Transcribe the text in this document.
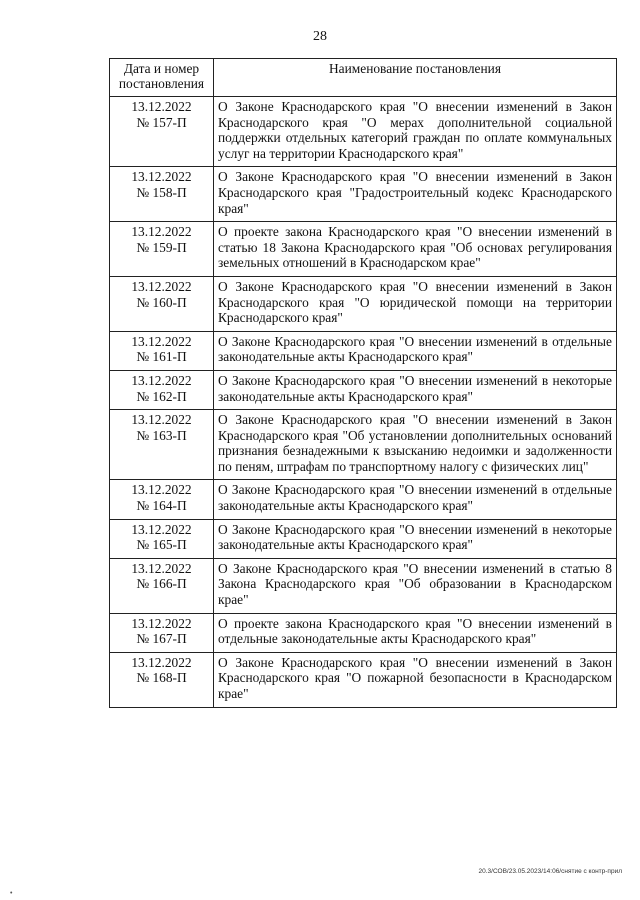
28
Дата и номер постановления	Наименование постановления

13.12.2022
№ 157-П	О Законе Краснодарского края "О внесении изменений в Закон Краснодарского края "О мерах дополнительной социальной поддержки отдельных категорий граждан по оплате коммунальных услуг на территории Краснодарского края"

13.12.2022
№ 158-П	О Законе Краснодарского края "О внесении изменений в Закон Краснодарского края "Градостроительный кодекс Краснодарского края"

13.12.2022
№ 159-П	О проекте закона Краснодарского края "О внесении изменений в статью 18 Закона Краснодарского края "Об основах регулирования земельных отношений в Краснодарском крае"

13.12.2022
№ 160-П	О Законе Краснодарского края "О внесении изменений в Закон Краснодарского края "О юридической помощи на территории Краснодарского края"

13.12.2022
№ 161-П	О Законе Краснодарского края "О внесении изменений в отдельные законодательные акты Краснодарского края"

13.12.2022
№ 162-П	О Законе Краснодарского края "О внесении изменений в некоторые законодательные акты Краснодарского края"

13.12.2022
№ 163-П	О Законе Краснодарского края "О внесении изменений в Закон Краснодарского края "Об установлении дополнительных оснований признания безнадежными к взысканию недоимки и задолженности по пеням, штрафам по транспортному налогу с физических лиц"

13.12.2022
№ 164-П	О Законе Краснодарского края "О внесении изменений в отдельные законодательные акты Краснодарского края"

13.12.2022
№ 165-П	О Законе Краснодарского края "О внесении изменений в некоторые законодательные акты Краснодарского края"

13.12.2022
№ 166-П	О Законе Краснодарского края "О внесении изменений в статью 8 Закона Краснодарского края "Об образовании в Краснодарском крае"

13.12.2022
№ 167-П	О проекте закона Краснодарского края "О внесении изменений в отдельные законодательные акты Краснодарского края"

13.12.2022
№ 168-П	О Законе Краснодарского края "О внесении изменений в Закон Краснодарского края "О пожарной безопасности в Краснодарском крае"
20.3/СОВ/23.05.2023/14:06/снятие с контр-прил
•
